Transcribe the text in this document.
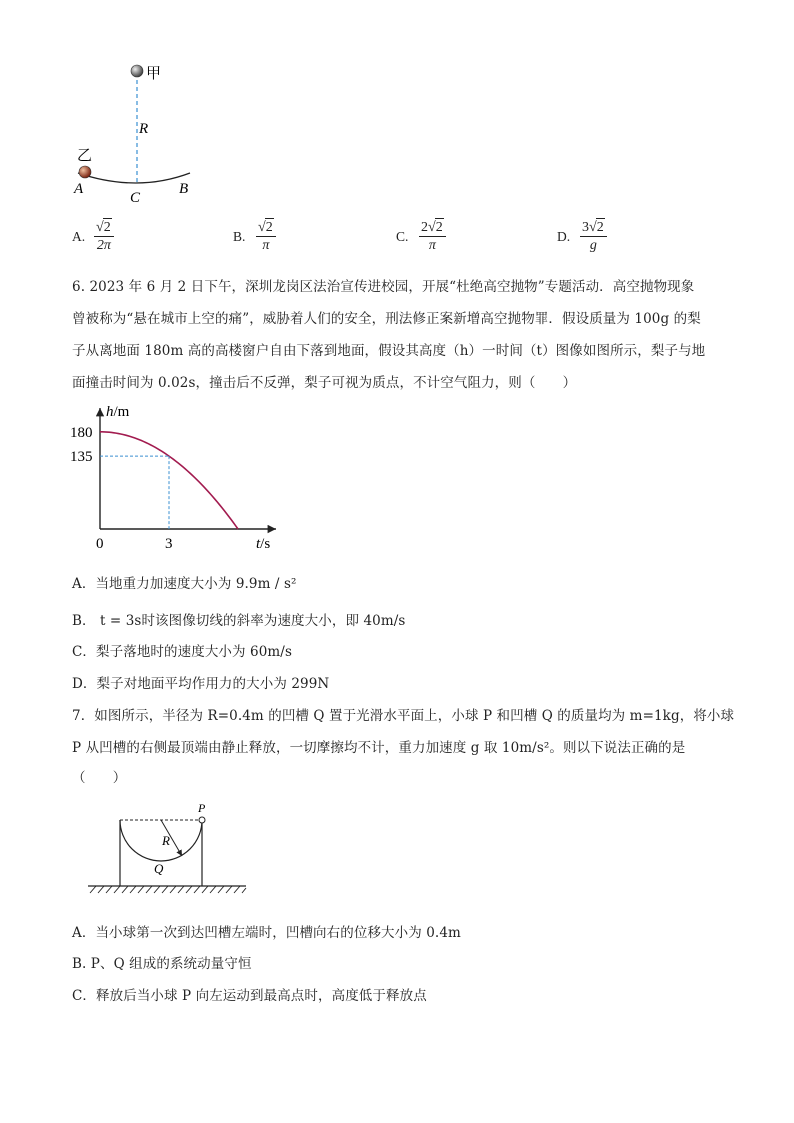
甲
R
乙
A
C
B
A.
√2
2π
B.
√2
π
C.
2√2
π
D.
3√2
g
6. 2023 年 6 月 2 日下午，深圳龙岗区法治宣传进校园，开展“杜绝高空抛物”专题活动．高空抛物现象
曾被称为“悬在城市上空的痛”，威胁着人们的安全，刑法修正案新增高空抛物罪．假设质量为 100g 的梨
子从离地面 180m 高的高楼窗户自由下落到地面，假设其高度（h）一时间（t）图像如图所示，梨子与地
面撞击时间为 0.02s，撞击后不反弹，梨子可视为质点，不计空气阻力，则（　　）
h/m
180
135
0	3	t/s
A．当地重力加速度大小为 9.9m / s²
B． t = 3s时该图像切线的斜率为速度大小，即 40m/s
C．梨子落地时的速度大小为 60m/s
D．梨子对地面平均作用力的大小为 299N
7．如图所示，半径为 R=0.4m 的凹槽 Q 置于光滑水平面上，小球 P 和凹槽 Q 的质量均为 m=1kg，将小球
P 从凹槽的右侧最顶端由静止释放，一切摩擦均不计，重力加速度 g 取 10m/s²。则以下说法正确的是
（　　）
P
R
Q
A．当小球第一次到达凹槽左端时，凹槽向右的位移大小为 0.4m
B. P、Q 组成的系统动量守恒
C．释放后当小球 P 向左运动到最高点时，高度低于释放点
